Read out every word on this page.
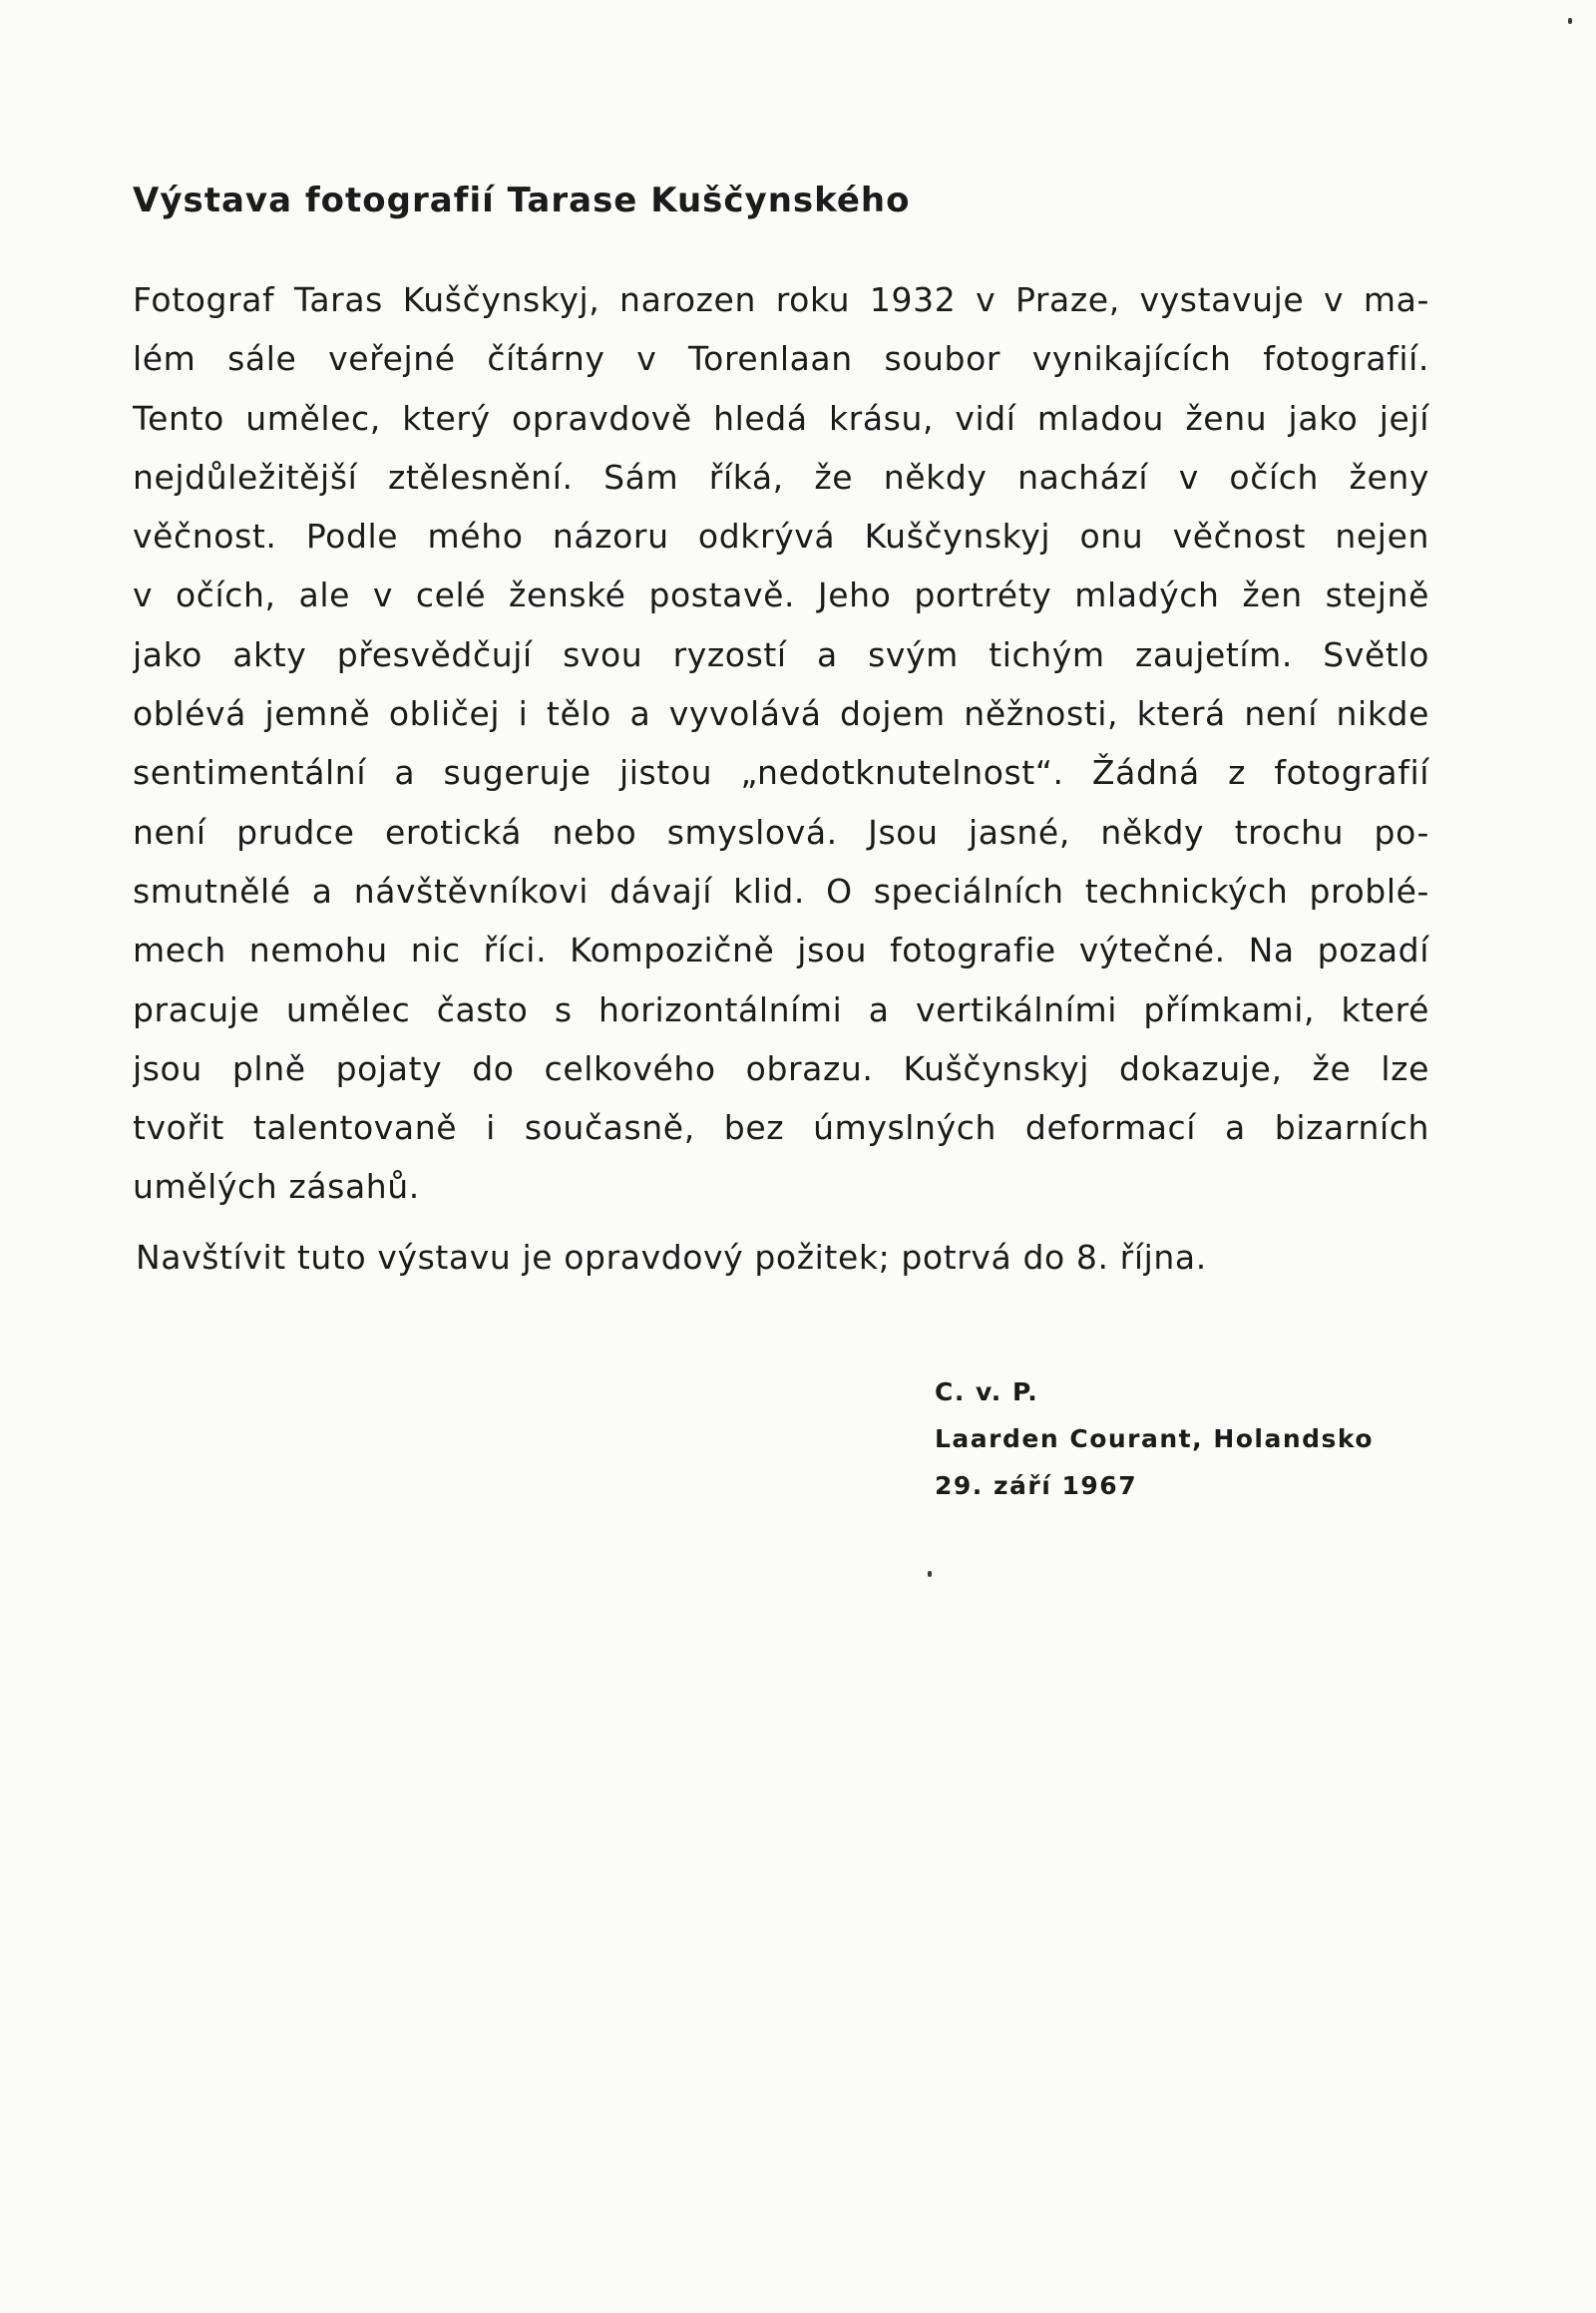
Výstava fotografií Tarase Kuščynského
Fotograf Taras Kuščynskyj, narozen roku 1932 v Praze, vystavuje v ma-
lém sále veřejné čítárny v Torenlaan soubor vynikajících fotografií.
Tento umělec, který opravdově hledá krásu, vidí mladou ženu jako její
nejdůležitější ztělesnění. Sám říká, že někdy nachází v očích ženy
věčnost. Podle mého názoru odkrývá Kuščynskyj onu věčnost nejen
v očích, ale v celé ženské postavě. Jeho portréty mladých žen stejně
jako akty přesvědčují svou ryzostí a svým tichým zaujetím. Světlo
oblévá jemně obličej i tělo a vyvolává dojem něžnosti, která není nikde
sentimentální a sugeruje jistou „nedotknutelnost“. Žádná z fotografií
není prudce erotická nebo smyslová. Jsou jasné, někdy trochu po-
smutnělé a návštěvníkovi dávají klid. O speciálních technických problé-
mech nemohu nic říci. Kompozičně jsou fotografie výtečné. Na pozadí
pracuje umělec často s horizontálními a vertikálními přímkami, které
jsou plně pojaty do celkového obrazu. Kuščynskyj dokazuje, že lze
tvořit talentovaně i současně, bez úmyslných deformací a bizarních
umělých zásahů.

Navštívit tuto výstavu je opravdový požitek; potrvá do 8. října.

C. v. P.
Laarden Courant, Holandsko
29. září 1967
